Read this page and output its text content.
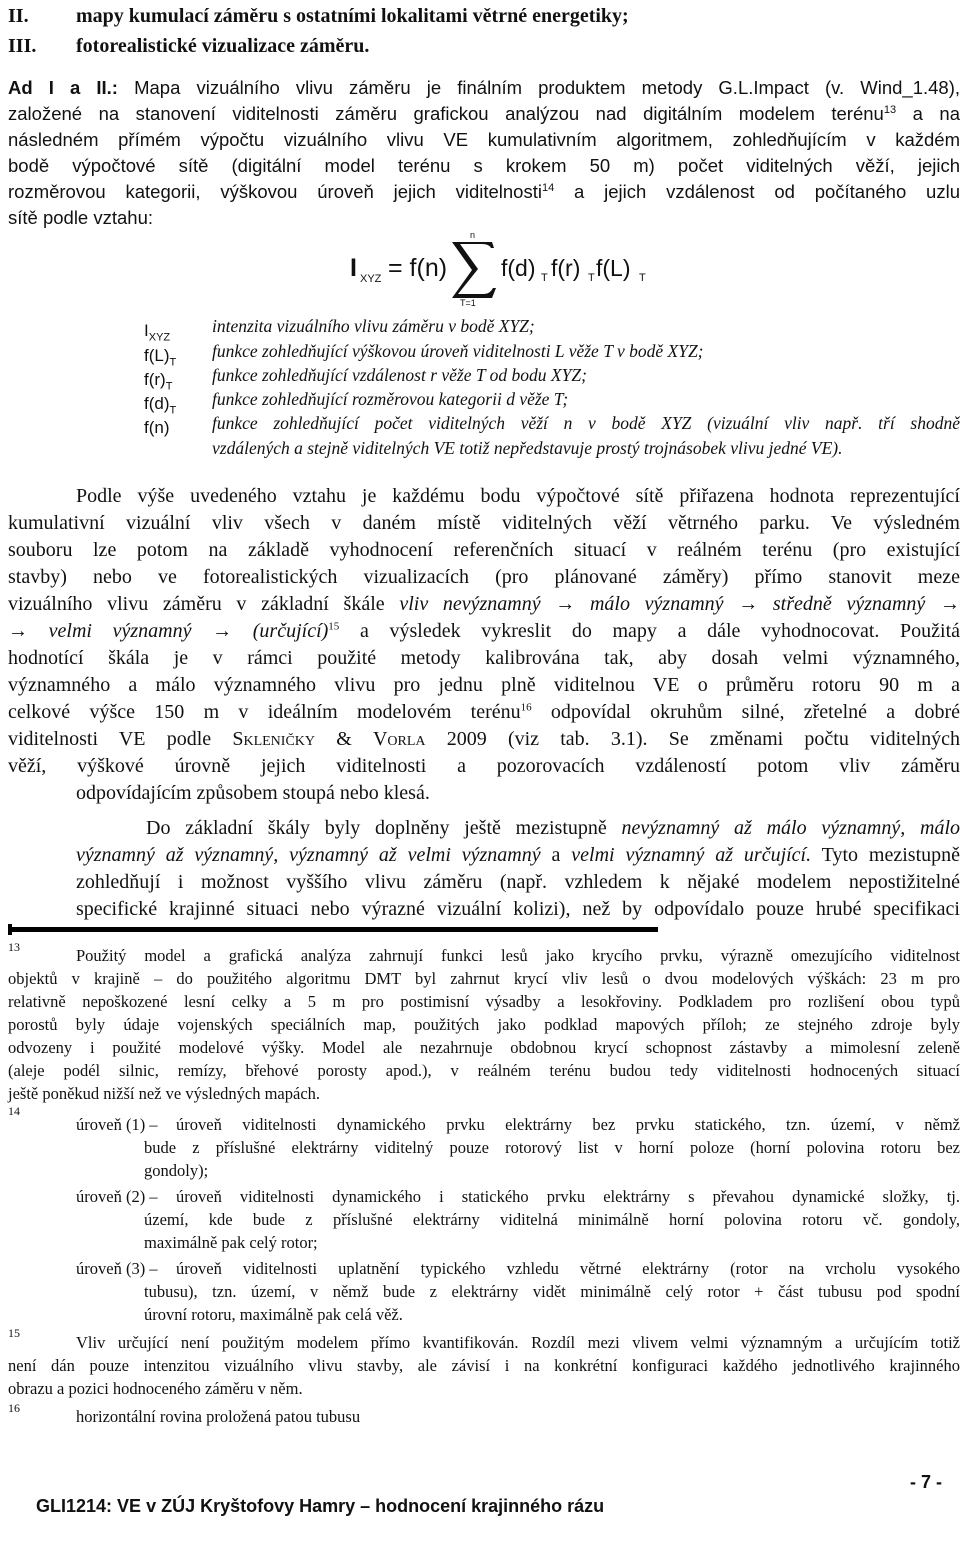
II. mapy kumulací záměru s ostatními lokalitami větrné energetiky;
III. fotorealistické vizualizace záměru.
Ad I a II.: Mapa vizuálního vlivu záměru je finálním produktem metody G.L.Impact (v. Wind_1.48),
založené na stanovení viditelnosti záměru grafickou analýzou nad digitálním modelem terénu$^{13}$ a na
následném přímém výpočtu vizuálního vlivu VE kumulativním algoritmem, zohledňujícím v každém
bodě výpočtové sítě (digitální model terénu s krokem 50 m) počet viditelných věží, jejich
rozměrovou kategorii, výškovou úroveň jejich viditelnosti$^{14}$ a jejich vzdálenost od počítaného uzlu
sítě podle vztahu:
I XYZ = f(n)
n
T=1
f(d) T f(r) T f(L) T
$I_{XYZ}$
intenzita vizuálního vlivu záměru v bodě XYZ;
$f(L)_T$
funkce zohledňující výškovou úroveň viditelnosti L věže T v bodě XYZ;
$f(r)_T$
funkce zohledňující vzdálenost r věže T od bodu XYZ;
$f(d)_T$
funkce zohledňující rozměrovou kategorii d věže T;
f(n) funkce zohledňující počet viditelných věží n v bodě XYZ (vizuální vliv např. tří shodně
vzdálených a stejně viditelných VE totiž nepředstavuje prostý trojnásobek vlivu jedné VE).
Podle výše uvedeného vztahu je každému bodu výpočtové sítě přiřazena hodnota reprezentující
kumulativní vizuální vliv všech v daném místě viditelných věží větrného parku. Ve výsledném
souboru lze potom na základě vyhodnocení referenčních situací v reálném terénu (pro existující
stavby) nebo ve fotorealistických vizualizacích (pro plánované záměry) přímo stanovit meze
vizuálního vlivu záměru v základní škále vliv nevýznamný → málo významný → středně významný →
→ velmi významný → (určující)$^{15}$ a výsledek vykreslit do mapy a dále vyhodnocovat. Použitá
hodnotící škála je v rámci použité metody kalibrována tak, aby dosah velmi významného,
významného a málo významného vlivu pro jednu plně viditelnou VE o průměru rotoru 90 m a
celkové výšce 150 m v ideálním modelovém terénu$^{16}$ odpovídal okruhům silné, zřetelné a dobré
viditelnosti VE podle Skleničky & Vorla 2009 (viz tab. 3.1). Se změnami počtu viditelných
věží, výškové úrovně jejich viditelnosti a pozorovacích vzdáleností potom vliv záměru
odpovídajícím způsobem stoupá nebo klesá.
Do základní škály byly doplněny ještě mezistupně nevýznamný až málo významný, málo
významný až významný, významný až velmi významný a velmi významný až určující. Tyto mezistupně
zohledňují i možnost vyššího vlivu záměru (např. vzhledem k nějaké modelem nepostižitelné
specifické krajinné situaci nebo výrazné vizuální kolizi), než by odpovídalo pouze hrubé specifikaci
13	Použitý model a grafická analýza zahrnují funkci lesů jako krycího prvku, výrazně omezujícího viditelnost
objektů v krajině – do použitého algoritmu DMT byl zahrnut krycí vliv lesů o dvou modelových výškách: 23 m pro
relativně nepoškozené lesní celky a 5 m pro postimisní výsadby a lesokřoviny. Podkladem pro rozlišení obou typů
porostů byly údaje vojenských speciálních map, použitých jako podklad mapových příloh; ze stejného zdroje byly
odvozeny i použité modelové výšky. Model ale nezahrnuje obdobnou krycí schopnost zástavby a mimolesní zeleně
(aleje podél silnic, remízy, břehové porosty apod.), v reálném terénu budou tedy viditelnosti hodnocených situací
ještě poněkud nižší než ve výsledných mapách.
14
úroveň (1) – úroveň viditelnosti dynamického prvku elektrárny bez prvku statického, tzn. území, v němž
bude z příslušné elektrárny viditelný pouze rotorový list v horní poloze (horní polovina rotoru bez
gondoly);
úroveň (2) – úroveň viditelnosti dynamického i statického prvku elektrárny s převahou dynamické složky, tj.
území, kde bude z příslušné elektrárny viditelná minimálně horní polovina rotoru vč. gondoly,
maximálně pak celý rotor;
úroveň (3) – úroveň viditelnosti uplatnění typického vzhledu větrné elektrárny (rotor na vrcholu vysokého
tubusu), tzn. území, v němž bude z elektrárny vidět minimálně celý rotor + část tubusu pod spodní
úrovní rotoru, maximálně pak celá věž.
15	Vliv určující není použitým modelem přímo kvantifikován. Rozdíl mezi vlivem velmi významným a určujícím totiž
není dán pouze intenzitou vizuálního vlivu stavby, ale závisí i na konkrétní konfiguraci každého jednotlivého krajinného
obrazu a pozici hodnoceného záměru v něm.
16	horizontální rovina proložená patou tubusu

GLI1214: VE v ZÚJ Kryštofovy Hamry – hodnocení krajinného rázu

- 7 -
